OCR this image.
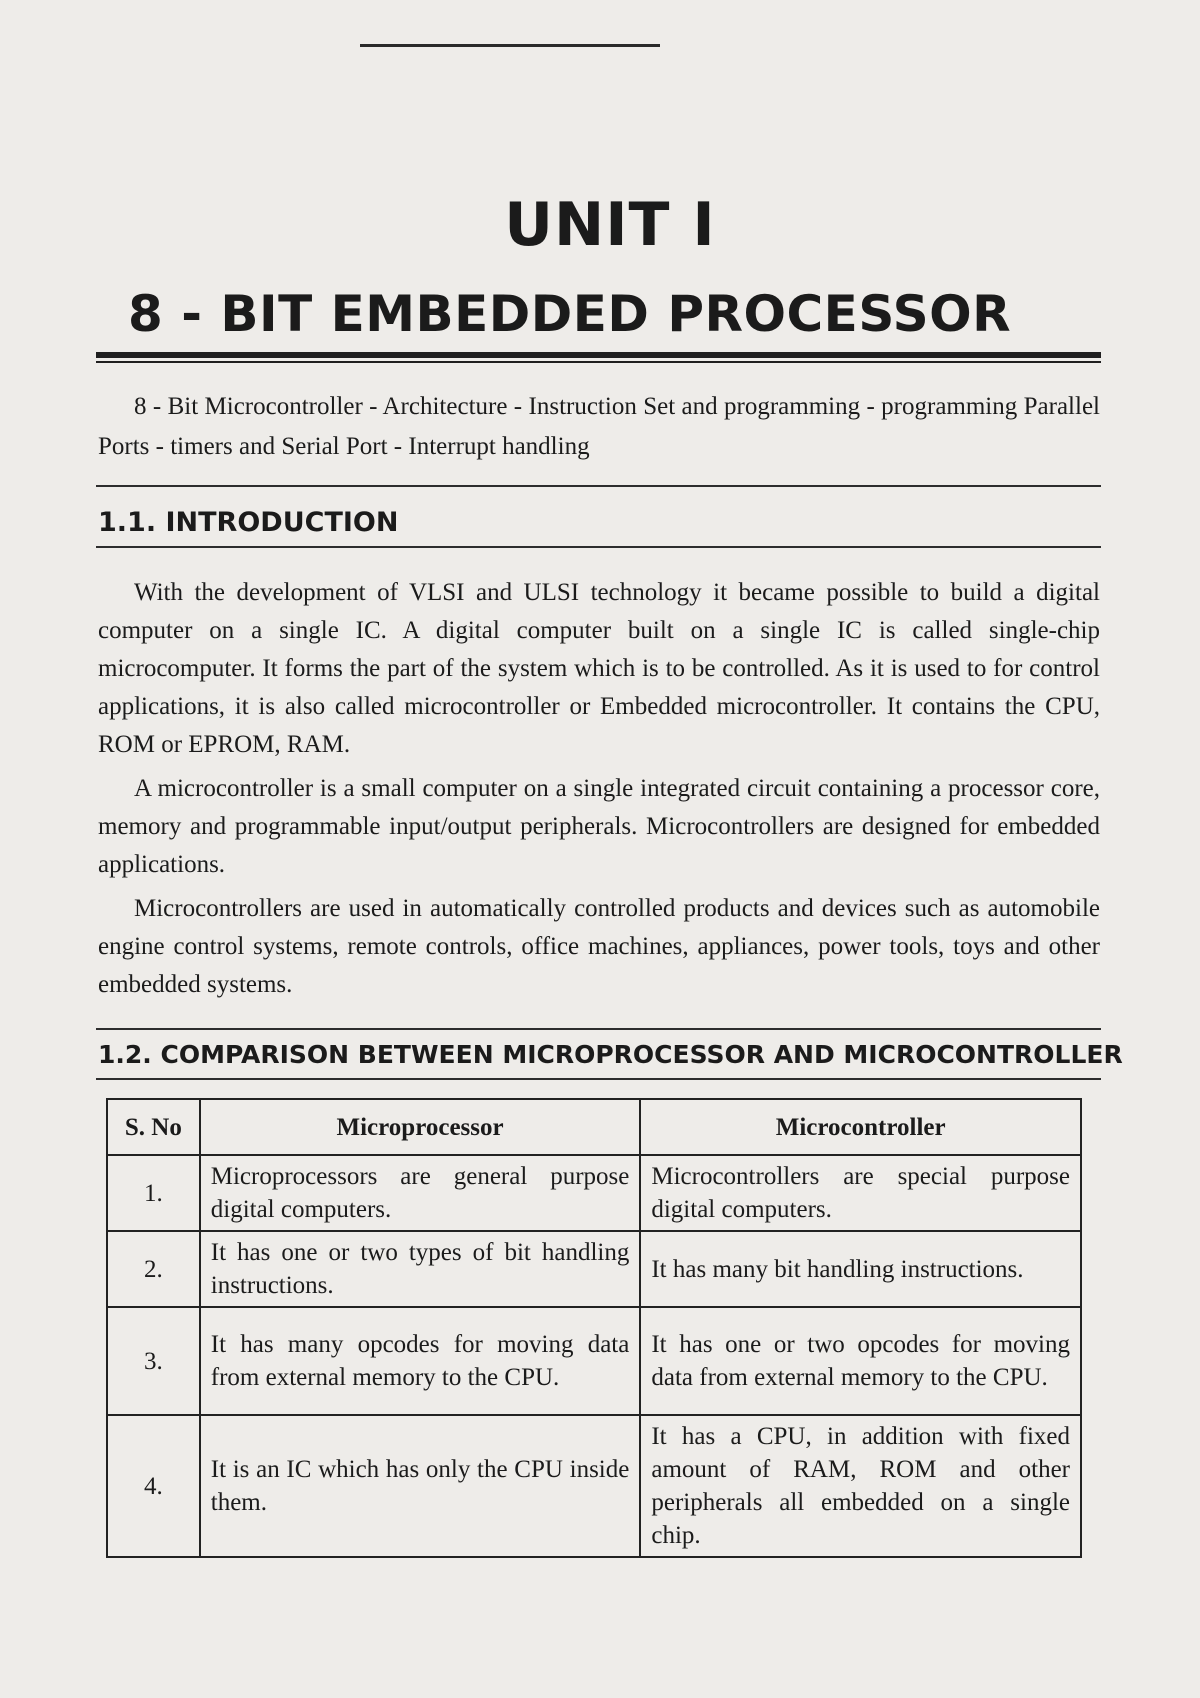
UNIT I
8 - BIT EMBEDDED PROCESSOR
8 - Bit Microcontroller - Architecture - Instruction Set and programming - programming Parallel Ports - timers and Serial Port - Interrupt handling
1.1. INTRODUCTION

With the development of VLSI and ULSI technology it became possible to build a digital computer on a single IC. A digital computer built on a single IC is called single-chip microcomputer. It forms the part of the system which is to be controlled. As it is used to for control applications, it is also called microcontroller or Embedded microcontroller. It contains the CPU, ROM or EPROM, RAM.

A microcontroller is a small computer on a single integrated circuit containing a processor core, memory and programmable input/output peripherals. Microcontrollers are designed for embedded applications.

Microcontrollers are used in automatically controlled products and devices such as automobile engine control systems, remote controls, office machines, appliances, power tools, toys and other embedded systems.

1.2. COMPARISON BETWEEN MICROPROCESSOR AND MICROCONTROLLER
S. No	Microprocessor	Microcontroller
1.	Microprocessors are general purpose digital computers.	Microcontrollers are special purpose digital computers.
2.	It has one or two types of bit handling instructions.	It has many bit handling instructions.
3.	It has many opcodes for moving data from external memory to the CPU.	It has one or two opcodes for moving data from external memory to the CPU.
4.	It is an IC which has only the CPU inside them.	It has a CPU, in addition with fixed amount of RAM, ROM and other peripherals all embedded on a single chip.
